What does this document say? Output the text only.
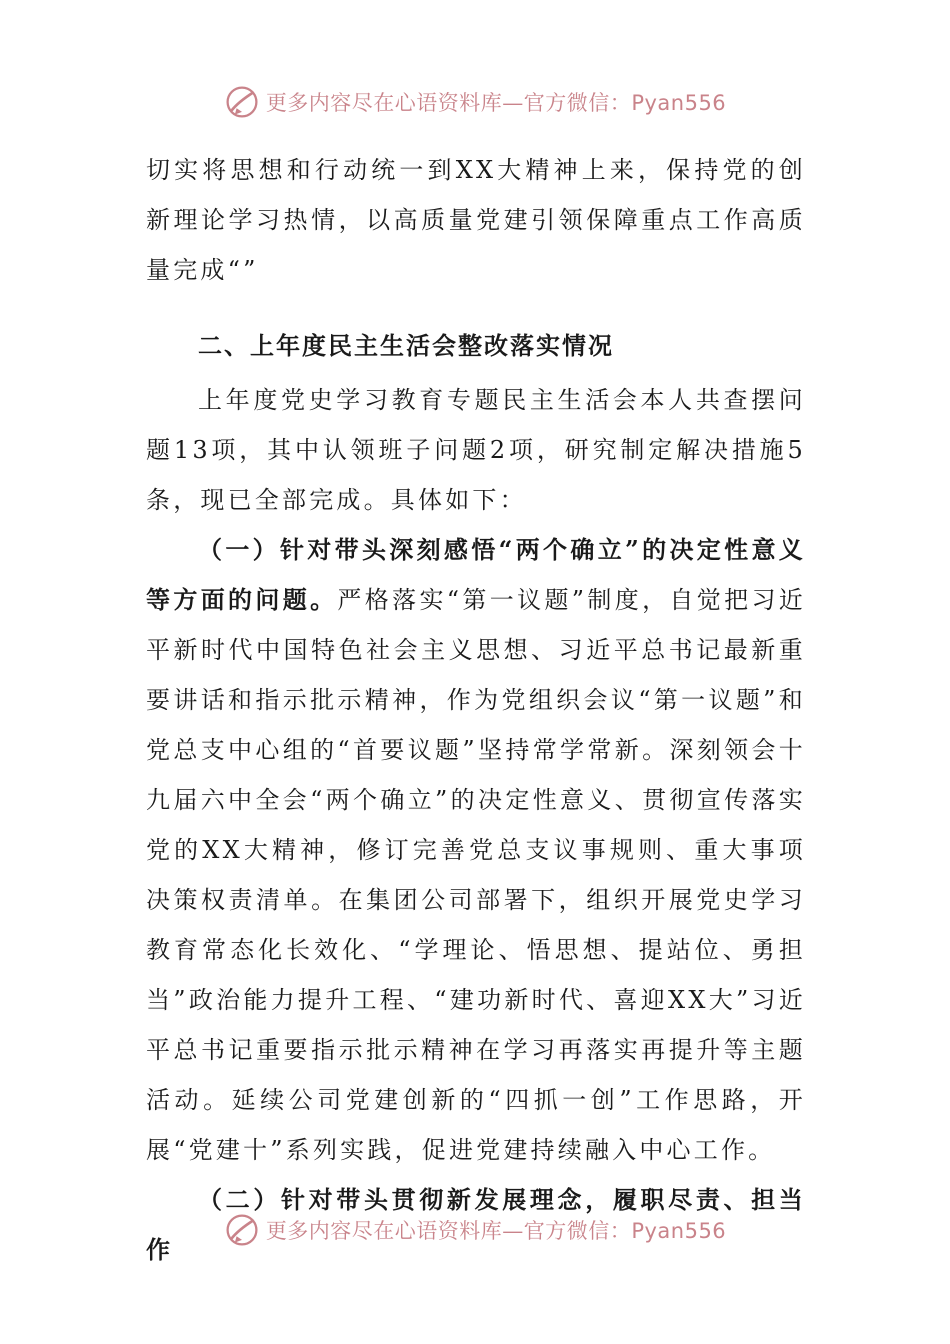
更多内容尽在心语资料库—官方微信：Pyan556

切实将思想和行动统一到XX大精神上来，保持党的创新理论学习热情，以高质量党建引领保障重点工作高质量完成“”

二、上年度民主生活会整改落实情况

上年度党史学习教育专题民主生活会本人共查摆问题13项，其中认领班子问题2项，研究制定解决措施5条，现已全部完成。具体如下：

（一）针对带头深刻感悟“两个确立”的决定性意义等方面的问题。严格落实“第一议题”制度，自觉把习近平新时代中国特色社会主义思想、习近平总书记最新重要讲话和指示批示精神，作为党组织会议“第一议题”和党总支中心组的“首要议题”坚持常学常新。深刻领会十九届六中全会“两个确立”的决定性意义、贯彻宣传落实党的XX大精神，修订完善党总支议事规则、重大事项决策权责清单。在集团公司部署下，组织开展党史学习教育常态化长效化、“学理论、悟思想、提站位、勇担当”政治能力提升工程、“建功新时代、喜迎XX大”习近平总书记重要指示批示精神在学习再落实再提升等主题活动。延续公司党建创新的“四抓一创”工作思路，开展“党建十”系列实践，促进党建持续融入中心工作。

（二）针对带头贯彻新发展理念，履职尽责、担当作

更多内容尽在心语资料库—官方微信：Pyan556
